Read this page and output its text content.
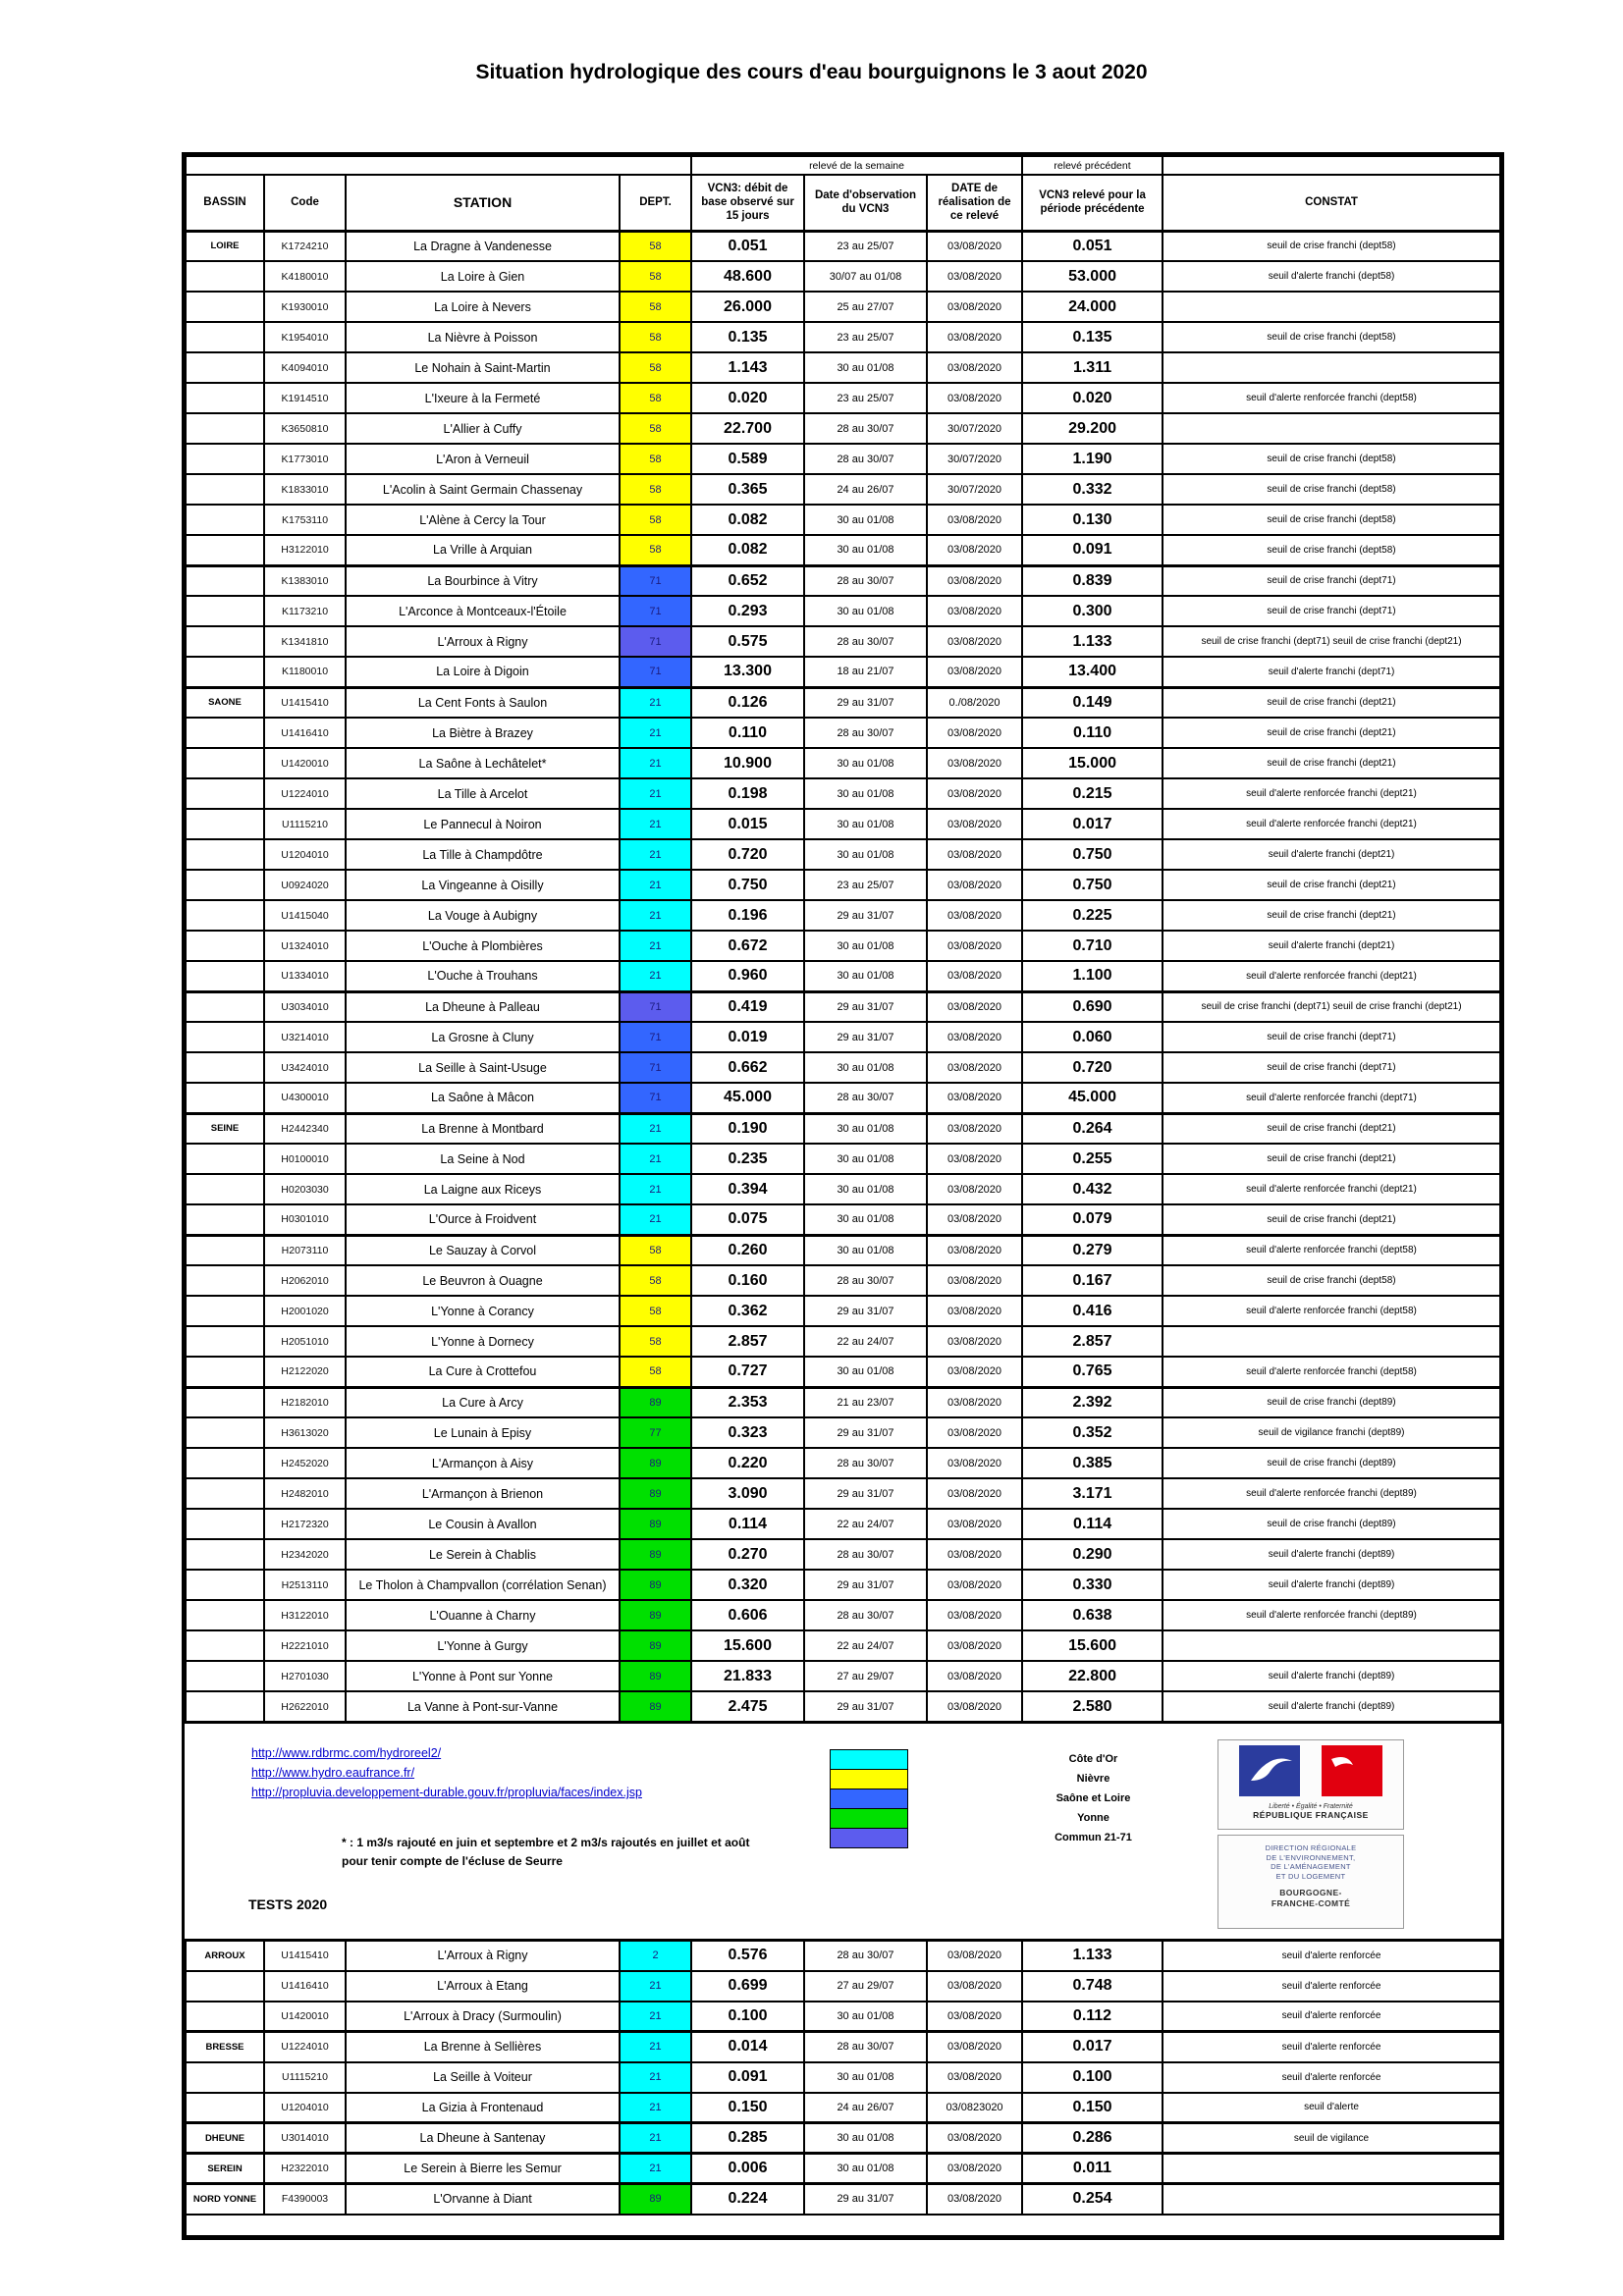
Situation hydrologique des cours d'eau bourguignons le 3 aout 2020
				relevé de la semaine			relevé précédent	
BASSIN	Code	STATION	DEPT.	VCN3: débit de base observé sur 15 jours	Date d'observation du VCN3	DATE de réalisation de ce relevé	VCN3 relevé pour la période précédente	CONSTAT
LOIRE	K1724210	La Dragne à Vandenesse	58	0.051	23 au 25/07	03/08/2020	0.051	seuil de crise franchi (dept58)
	K4180010	La Loire à Gien	58	48.600	30/07 au 01/08	03/08/2020	53.000	seuil d'alerte franchi (dept58)
	K1930010	La Loire à Nevers	58	26.000	25 au 27/07	03/08/2020	24.000	
	K1954010	La Nièvre à Poisson	58	0.135	23 au 25/07	03/08/2020	0.135	seuil de crise franchi (dept58)
	K4094010	Le Nohain à Saint-Martin	58	1.143	30 au 01/08	03/08/2020	1.311	
	K1914510	L'Ixeure à la Fermeté	58	0.020	23 au 25/07	03/08/2020	0.020	seuil d'alerte renforcée franchi (dept58)
	K3650810	L'Allier à Cuffy	58	22.700	28 au 30/07	30/07/2020	29.200	
	K1773010	L'Aron à Verneuil	58	0.589	28 au 30/07	30/07/2020	1.190	seuil de crise franchi (dept58)
	K1833010	L'Acolin à Saint Germain Chassenay	58	0.365	24 au 26/07	30/07/2020	0.332	seuil de crise franchi (dept58)
	K1753110	L'Alène à Cercy la Tour	58	0.082	30 au 01/08	03/08/2020	0.130	seuil de crise franchi (dept58)
	H3122010	La Vrille à Arquian	58	0.082	30 au 01/08	03/08/2020	0.091	seuil de crise franchi (dept58)
	K1383010	La Bourbince à Vitry	71	0.652	28 au 30/07	03/08/2020	0.839	seuil de crise franchi (dept71)
	K1173210	L'Arconce à Montceaux-l'Étoile	71	0.293	30 au 01/08	03/08/2020	0.300	seuil de crise franchi (dept71)
	K1341810	L'Arroux à Rigny	71	0.575	28 au 30/07	03/08/2020	1.133	seuil de crise franchi (dept71) seuil de crise franchi (dept21)
	K1180010	La Loire à Digoin	71	13.300	18 au 21/07	03/08/2020	13.400	seuil d'alerte franchi (dept71)
SAONE	U1415410	La Cent Fonts à Saulon	21	0.126	29 au 31/07	0./08/2020	0.149	seuil de crise franchi (dept21)
	U1416410	La Biètre à Brazey	21	0.110	28 au 30/07	03/08/2020	0.110	seuil de crise franchi (dept21)
	U1420010	La Saône à Lechâtelet*	21	10.900	30 au 01/08	03/08/2020	15.000	seuil de crise franchi (dept21)
	U1224010	La Tille à Arcelot	21	0.198	30 au 01/08	03/08/2020	0.215	seuil d'alerte renforcée franchi (dept21)
	U1115210	Le Pannecul à Noiron	21	0.015	30 au 01/08	03/08/2020	0.017	seuil d'alerte renforcée franchi (dept21)
	U1204010	La Tille à Champdôtre	21	0.720	30 au 01/08	03/08/2020	0.750	seuil d'alerte franchi (dept21)
	U0924020	La Vingeanne à Oisilly	21	0.750	23 au 25/07	03/08/2020	0.750	seuil de crise franchi (dept21)
	U1415040	La Vouge à Aubigny	21	0.196	29 au 31/07	03/08/2020	0.225	seuil de crise franchi (dept21)
	U1324010	L'Ouche à Plombières	21	0.672	30 au 01/08	03/08/2020	0.710	seuil d'alerte franchi (dept21)
	U1334010	L'Ouche à Trouhans	21	0.960	30 au 01/08	03/08/2020	1.100	seuil d'alerte renforcée franchi (dept21)
	U3034010	La Dheune à Palleau	71	0.419	29 au 31/07	03/08/2020	0.690	seuil de crise franchi (dept71) seuil de crise franchi (dept21)
	U3214010	La Grosne à Cluny	71	0.019	29 au 31/07	03/08/2020	0.060	seuil de crise franchi (dept71)
	U3424010	La Seille à Saint-Usuge	71	0.662	30 au 01/08	03/08/2020	0.720	seuil de crise franchi (dept71)
	U4300010	La Saône à Mâcon	71	45.000	28 au 30/07	03/08/2020	45.000	seuil d'alerte renforcée franchi (dept71)
SEINE	H2442340	La Brenne à Montbard	21	0.190	30 au 01/08	03/08/2020	0.264	seuil de crise franchi (dept21)
	H0100010	La Seine à Nod	21	0.235	30 au 01/08	03/08/2020	0.255	seuil de crise franchi (dept21)
	H0203030	La Laigne aux Riceys	21	0.394	30 au 01/08	03/08/2020	0.432	seuil d'alerte renforcée franchi (dept21)
	H0301010	L'Ource à Froidvent	21	0.075	30 au 01/08	03/08/2020	0.079	seuil de crise franchi (dept21)
	H2073110	Le Sauzay à Corvol	58	0.260	30 au 01/08	03/08/2020	0.279	seuil d'alerte renforcée franchi (dept58)
	H2062010	Le Beuvron à Ouagne	58	0.160	28 au 30/07	03/08/2020	0.167	seuil de crise franchi (dept58)
	H2001020	L'Yonne à Corancy	58	0.362	29 au 31/07	03/08/2020	0.416	seuil d'alerte renforcée franchi (dept58)
	H2051010	L'Yonne à Dornecy	58	2.857	22 au 24/07	03/08/2020	2.857	
	H2122020	La Cure à Crottefou	58	0.727	30 au 01/08	03/08/2020	0.765	seuil d'alerte renforcée franchi (dept58)
	H2182010	La Cure à Arcy	89	2.353	21 au 23/07	03/08/2020	2.392	seuil de crise franchi (dept89)
	H3613020	Le Lunain à Episy	77	0.323	29 au 31/07	03/08/2020	0.352	seuil de vigilance franchi (dept89)
	H2452020	L'Armançon à Aisy	89	0.220	28 au 30/07	03/08/2020	0.385	seuil de crise franchi (dept89)
	H2482010	L'Armançon à Brienon	89	3.090	29 au 31/07	03/08/2020	3.171	seuil d'alerte renforcée franchi (dept89)
	H2172320	Le Cousin à Avallon	89	0.114	22 au 24/07	03/08/2020	0.114	seuil de crise franchi (dept89)
	H2342020	Le Serein à Chablis	89	0.270	28 au 30/07	03/08/2020	0.290	seuil d'alerte franchi (dept89)
	H2513110	Le Tholon à Champvallon (corrélation Senan)	89	0.320	29 au 31/07	03/08/2020	0.330	seuil d'alerte franchi (dept89)
	H3122010	L'Ouanne à Charny	89	0.606	28 au 30/07	03/08/2020	0.638	seuil d'alerte renforcée franchi (dept89)
	H2221010	L'Yonne à Gurgy	89	15.600	22 au 24/07	03/08/2020	15.600	
	H2701030	L'Yonne à Pont sur Yonne	89	21.833	27 au 29/07	03/08/2020	22.800	seuil d'alerte franchi (dept89)
	H2622010	La Vanne à Pont-sur-Vanne	89	2.475	29 au 31/07	03/08/2020	2.580	seuil d'alerte franchi (dept89)
http://www.rdbrmc.com/hydroreel2/
http://www.hydro.eaufrance.fr/
http://propluvia.developpement-durable.gouv.fr/propluvia/faces/index.jsp
Côte d'Or
Nièvre
Saône et Loire
Yonne
Commun 21-71
* : 1 m3/s rajouté en juin et septembre et 2 m3/s rajoutés en juillet et août
pour tenir compte de l'écluse de Seurre
TESTS 2020
Liberté • Égalité • Fraternité
RÉPUBLIQUE FRANÇAISE
DIRECTION RÉGIONALE
DE L'ENVIRONNEMENT,
DE L'AMÉNAGEMENT
ET DU LOGEMENT
BOURGOGNE-
FRANCHE-COMTÉ
ARROUX	U1415410	L'Arroux à Rigny	2	0.576	28 au 30/07	03/08/2020	1.133	seuil d'alerte renforcée
	U1416410	L'Arroux à Etang	21	0.699	27 au 29/07	03/08/2020	0.748	seuil d'alerte renforcée
	U1420010	L'Arroux à Dracy (Surmoulin)	21	0.100	30 au 01/08	03/08/2020	0.112	seuil d'alerte renforcée
BRESSE	U1224010	La Brenne à Sellières	21	0.014	28 au 30/07	03/08/2020	0.017	seuil d'alerte renforcée
	U1115210	La Seille à Voiteur	21	0.091	30 au 01/08	03/08/2020	0.100	seuil d'alerte renforcée
	U1204010	La Gizia à Frontenaud	21	0.150	24 au 26/07	03/0823020	0.150	seuil d'alerte
DHEUNE	U3014010	La Dheune à Santenay	21	0.285	30 au 01/08	03/08/2020	0.286	seuil de vigilance
SEREIN	H2322010	Le Serein à Bierre les Semur	21	0.006	30 au 01/08	03/08/2020	0.011	
NORD YONNE	F4390003	L'Orvanne à Diant	89	0.224	29 au 31/07	03/08/2020	0.254	
